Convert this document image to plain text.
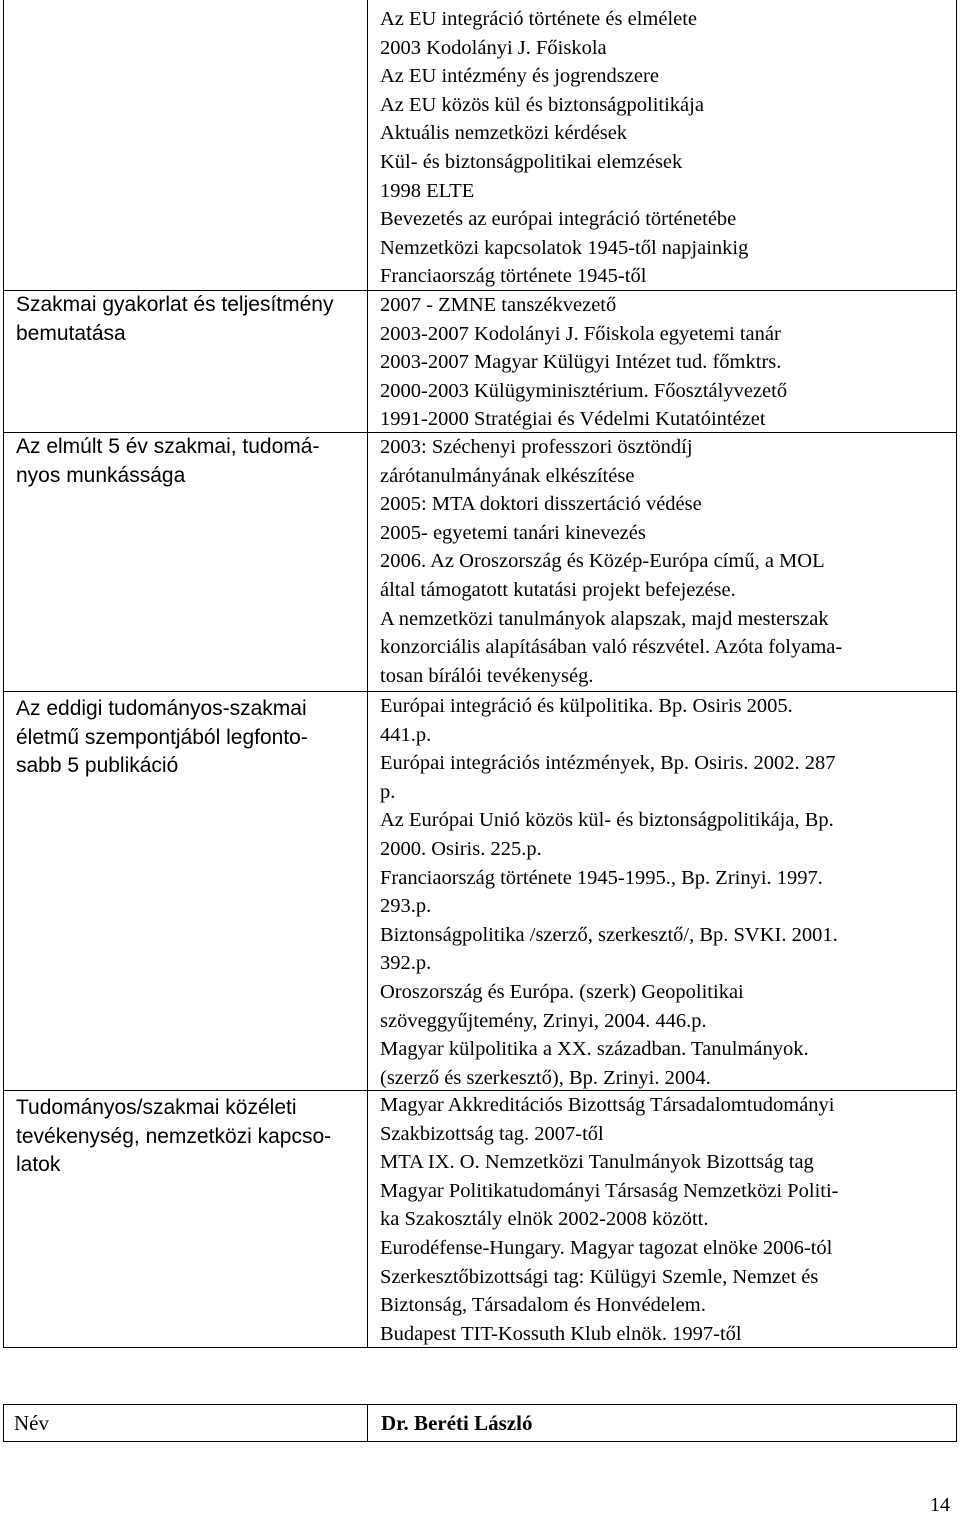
Név	Dr. Beréti László
14
Az EU integráció története és elmélete
2003 Kodolányi J. Főiskola
Az EU intézmény és jogrendszere
Az EU közös kül és biztonságpolitikája
Aktuális nemzetközi kérdések
Kül- és biztonságpolitikai elemzések
1998 ELTE
Bevezetés az európai integráció történetébe
Nemzetközi kapcsolatok 1945-től napjainkig
Franciaország története 1945-től
Szakmai gyakorlat és teljesítmény
bemutatása
2007 - ZMNE tanszékvezető
2003-2007 Kodolányi J. Főiskola egyetemi tanár
2003-2007 Magyar Külügyi Intézet tud. főmktrs.
2000-2003 Külügyminisztérium. Főosztályvezető
1991-2000 Stratégiai és Védelmi Kutatóintézet
Az elmúlt 5 év szakmai, tudomá-
nyos munkássága
2003: Széchenyi professzori ösztöndíj
zárótanulmányának elkészítése
2005: MTA doktori disszertáció védése
2005- egyetemi tanári kinevezés
2006. Az Oroszország és Közép-Európa című, a MOL
által támogatott kutatási projekt befejezése.
A nemzetközi tanulmányok alapszak, majd mesterszak
konzorciális alapításában való részvétel. Azóta folyama-
tosan bírálói tevékenység.
Az eddigi tudományos-szakmai
életmű szempontjából legfonto-
sabb 5 publikáció
Európai integráció és külpolitika. Bp. Osiris 2005.
441.p.
Európai integrációs intézmények, Bp. Osiris. 2002. 287
p.
Az Európai Unió közös kül- és biztonságpolitikája, Bp.
2000. Osiris. 225.p.
Franciaország története 1945-1995., Bp. Zrinyi. 1997.
293.p.
Biztonságpolitika /szerző, szerkesztő/, Bp. SVKI. 2001.
392.p.
Oroszország és Európa. (szerk) Geopolitikai
szöveggyűjtemény, Zrinyi, 2004. 446.p.
Magyar külpolitika a XX. században. Tanulmányok.
(szerző és szerkesztő), Bp. Zrinyi. 2004.
Tudományos/szakmai közéleti
tevékenység, nemzetközi kapcso-
latok
Magyar Akkreditációs Bizottság Társadalomtudományi
Szakbizottság tag. 2007-től
MTA IX. O. Nemzetközi Tanulmányok Bizottság tag
Magyar Politikatudományi Társaság Nemzetközi Politi-
ka Szakosztály elnök 2002-2008 között.
Eurodéfense-Hungary. Magyar tagozat elnöke 2006-tól
Szerkesztőbizottsági tag: Külügyi Szemle, Nemzet és
Biztonság, Társadalom és Honvédelem.
Budapest TIT-Kossuth Klub elnök. 1997-től
